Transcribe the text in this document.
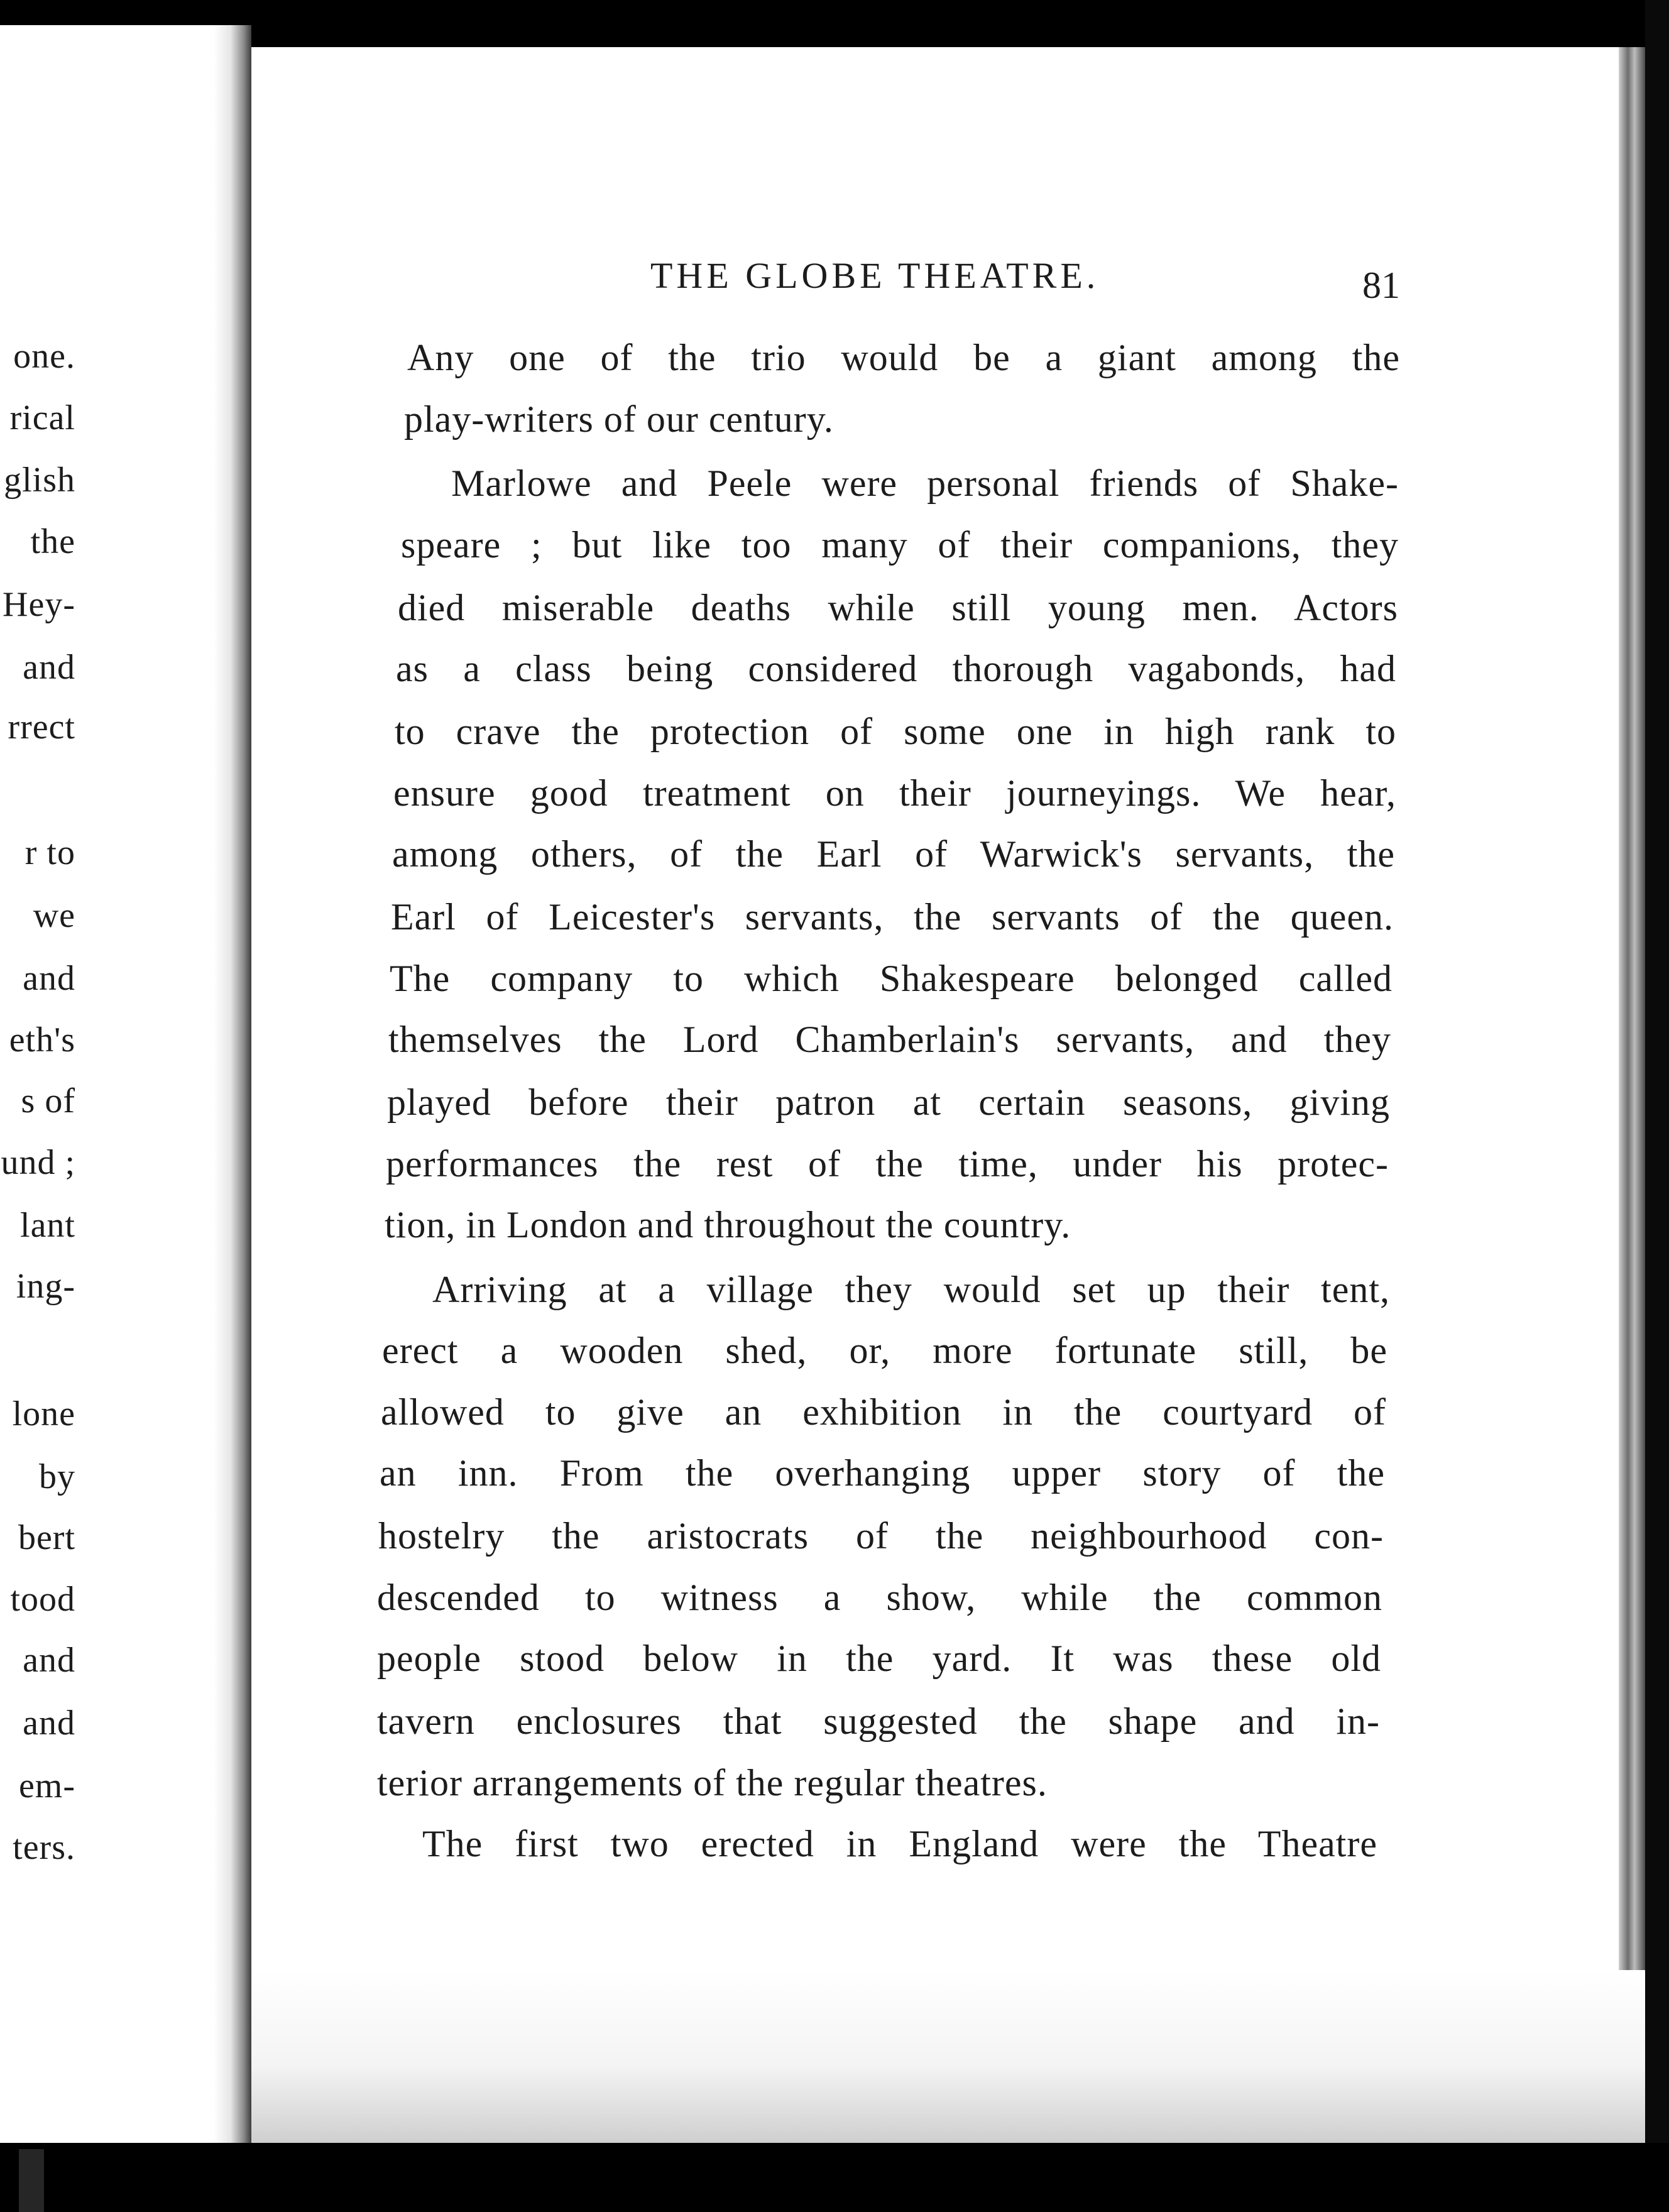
one.
rical
glish
the
Hey-
and
rrect
r to
we
and
eth's
s of
und ;
lant
ing-
lone
by
bert
tood
and
and
em-
ters.
THE GLOBE THEATRE.	81
Any one of the trio would be a giant among the
play-writers of our century.
Marlowe and Peele were personal friends of Shake-
speare ; but like too many of their companions, they
died miserable deaths while still young men. Actors
as a class being considered thorough vagabonds, had
to crave the protection of some one in high rank to
ensure good treatment on their journeyings. We hear,
among others, of the Earl of Warwick's servants, the
Earl of Leicester's servants, the servants of the queen.
The company to which Shakespeare belonged called
themselves the Lord Chamberlain's servants, and they
played before their patron at certain seasons, giving
performances the rest of the time, under his protec-
tion, in London and throughout the country.
Arriving at a village they would set up their tent,
erect a wooden shed, or, more fortunate still, be
allowed to give an exhibition in the courtyard of
an inn. From the overhanging upper story of the
hostelry the aristocrats of the neighbourhood con-
descended to witness a show, while the common
people stood below in the yard. It was these old
tavern enclosures that suggested the shape and in-
terior arrangements of the regular theatres.
The first two erected in England were the Theatre
